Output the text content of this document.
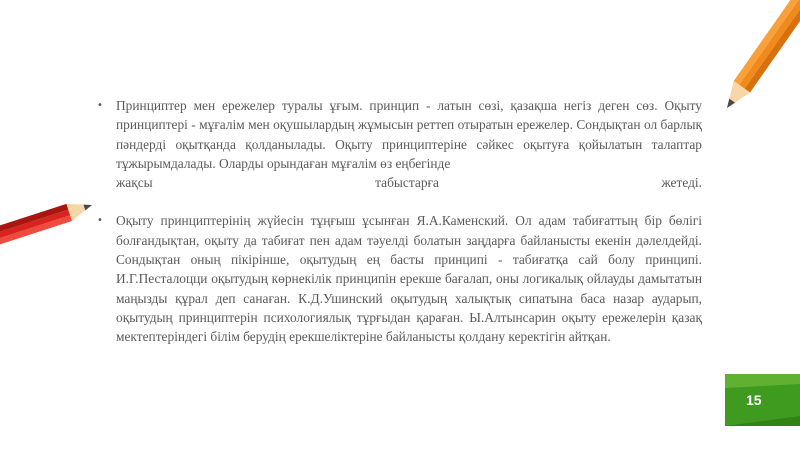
• Принциптер мен ережелер туралы ұғым. принцип - латын сөзі, қазақша негіз деген сөз. Оқыту принциптері - мұғалім мен оқушылардың жұмысын реттеп отыратын ережелер. Сондықтан ол барлық пәндерді оқытқанда қолданылады. Оқыту принциптеріне сәйкес оқытуға қойылатын талаптар тұжырымдалады. Оларды орындаған мұғалім өз еңбегінде
жақсы табыстарға жетеді.
• Оқыту принциптерінің жүйесін тұңғыш ұсынған Я.А.Каменский. Ол адам табиғаттың бір бөлігі болғандықтан, оқыту да табиғат пен адам тәуелді болатын заңдарға байланысты екенін дәлелдейді. Сондықтан оның пікірінше, оқытудың ең басты принципі - табиғатқа сай болу принципі. И.Г.Песталоцци оқытудың көрнекілік принципін ерекше бағалап, оны логикалық ойлауды дамытатын маңызды құрал деп санаған. К.Д.Ушинский оқытудың халықтық сипатына баса назар аударып, оқытудың принциптерін психологиялық тұрғыдан қараған. Ы.Алтынсарин оқыту ережелерін қазақ мектептеріндегі білім берудің ерекшеліктеріне байланысты қолдану керектігін айтқан.
15
